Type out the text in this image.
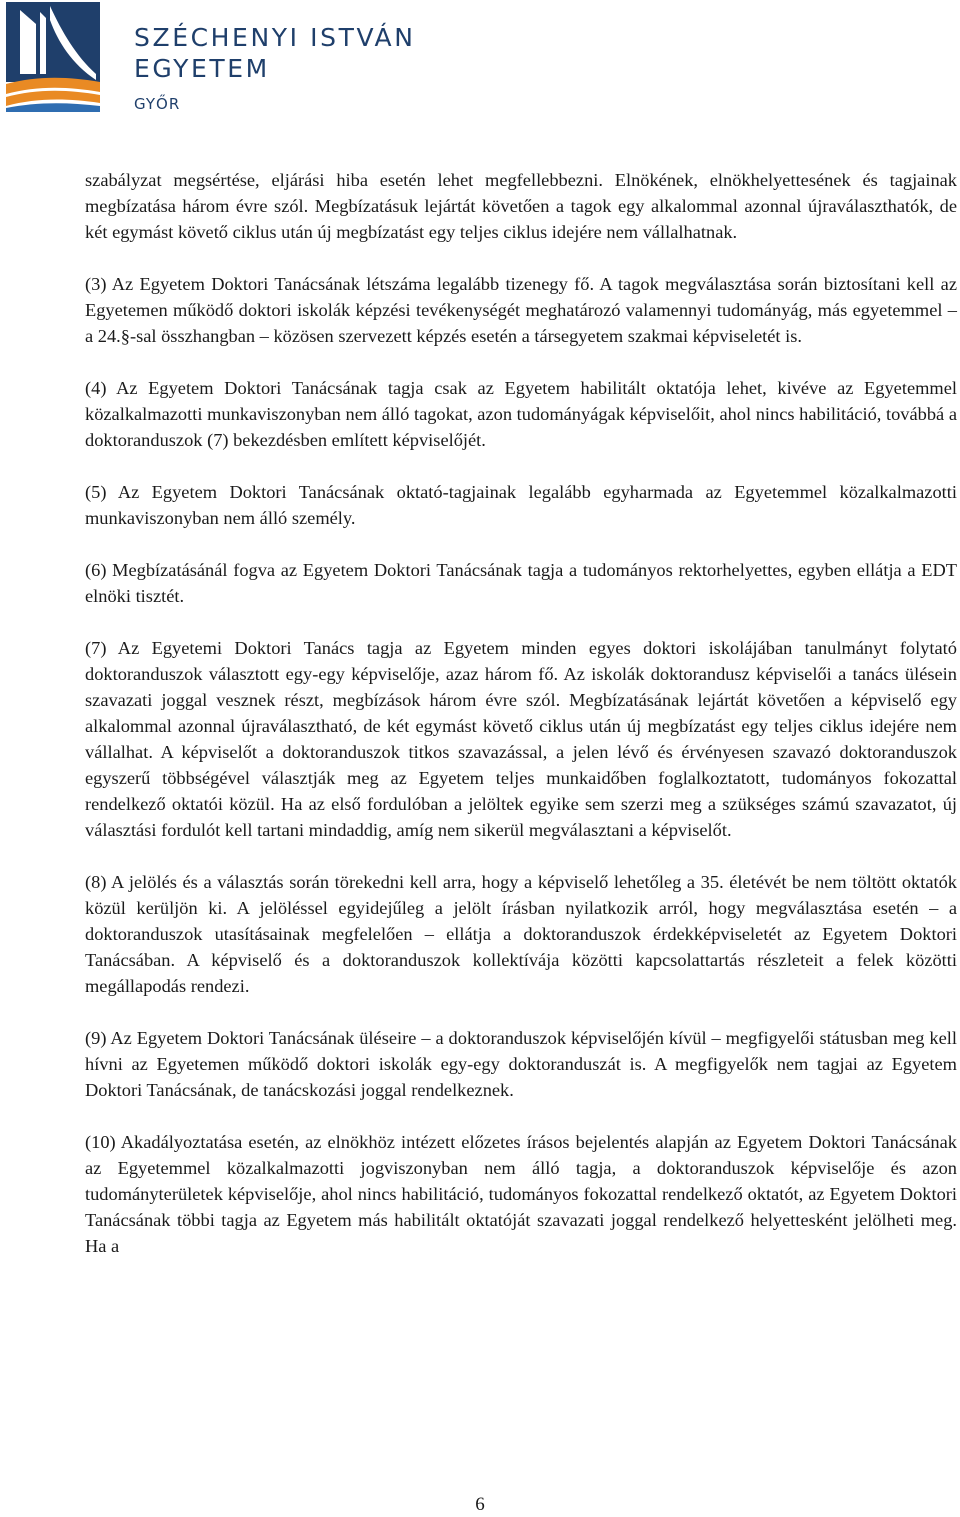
SZÉCHENYI ISTVÁN
EGYETEM
GYŐR

szabályzat megsértése, eljárási hiba esetén lehet megfellebbezni. Elnökének, elnökhelyettesének és tagjainak megbízatása három évre szól. Megbízatásuk lejártát követően a tagok egy alkalommal azonnal újraválaszthatók, de két egymást követő ciklus után új megbízatást egy teljes ciklus idejére nem vállalhatnak.

(3) Az Egyetem Doktori Tanácsának létszáma legalább tizenegy fő. A tagok megválasztása során biztosítani kell az Egyetemen működő doktori iskolák képzési tevékenységét meghatározó valamennyi tudományág, más egyetemmel – a 24.§-sal összhangban – közösen szervezett képzés esetén a társegyetem szakmai képviseletét is.

(4) Az Egyetem Doktori Tanácsának tagja csak az Egyetem habilitált oktatója lehet, kivéve az Egyetemmel közalkalmazotti munkaviszonyban nem álló tagokat, azon tudományágak képviselőit, ahol nincs habilitáció, továbbá a doktoranduszok (7) bekezdésben említett képviselőjét.

(5) Az Egyetem Doktori Tanácsának oktató-tagjainak legalább egyharmada az Egyetemmel közalkalmazotti munkaviszonyban nem álló személy.

(6) Megbízatásánál fogva az Egyetem Doktori Tanácsának tagja a tudományos rektorhelyettes, egyben ellátja a EDT elnöki tisztét.

(7) Az Egyetemi Doktori Tanács tagja az Egyetem minden egyes doktori iskolájában tanulmányt folytató doktoranduszok választott egy-egy képviselője, azaz három fő. Az iskolák doktorandusz képviselői a tanács ülésein szavazati joggal vesznek részt, megbízások három évre szól. Megbízatásának lejártát követően a képviselő egy alkalommal azonnal újraválasztható, de két egymást követő ciklus után új megbízatást egy teljes ciklus idejére nem vállalhat. A képviselőt a doktoranduszok titkos szavazással, a jelen lévő és érvényesen szavazó doktoranduszok egyszerű többségével választják meg az Egyetem teljes munkaidőben foglalkoztatott, tudományos fokozattal rendelkező oktatói közül. Ha az első fordulóban a jelöltek egyike sem szerzi meg a szükséges számú szavazatot, új választási fordulót kell tartani mindaddig, amíg nem sikerül megválasztani a képviselőt.

(8) A jelölés és a választás során törekedni kell arra, hogy a képviselő lehetőleg a 35. életévét be nem töltött oktatók közül kerüljön ki. A jelöléssel egyidejűleg a jelölt írásban nyilatkozik arról, hogy megválasztása esetén – a doktoranduszok utasításainak megfelelően – ellátja a doktoranduszok érdekképviseletét az Egyetem Doktori Tanácsában. A képviselő és a doktoranduszok kollektívája közötti kapcsolattartás részleteit a felek közötti megállapodás rendezi.

(9) Az Egyetem Doktori Tanácsának üléseire – a doktoranduszok képviselőjén kívül – megfigyelői státusban meg kell hívni az Egyetemen működő doktori iskolák egy-egy doktoranduszát is. A megfigyelők nem tagjai az Egyetem Doktori Tanácsának, de tanácskozási joggal rendelkeznek.

(10) Akadályoztatása esetén, az elnökhöz intézett előzetes írásos bejelentés alapján az Egyetem Doktori Tanácsának az Egyetemmel közalkalmazotti jogviszonyban nem álló tagja, a doktoranduszok képviselője és azon tudományterületek képviselője, ahol nincs habilitáció, tudományos fokozattal rendelkező oktatót, az Egyetem Doktori Tanácsának többi tagja az Egyetem más habilitált oktatóját szavazati joggal rendelkező helyettesként jelölheti meg. Ha a

6
